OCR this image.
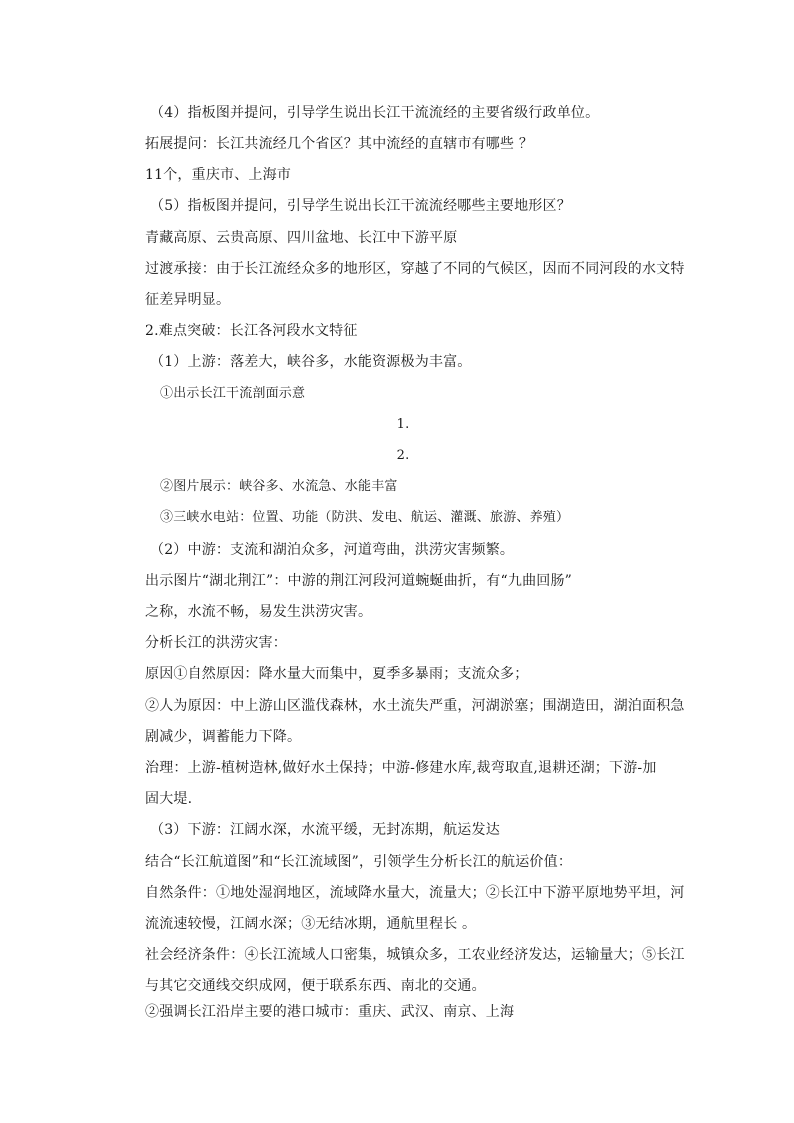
（4）指板图并提问，引导学生说出长江干流流经的主要省级行政单位。
拓展提问：长江共流经几个省区？其中流经的直辖市有哪些 ？
11个，重庆市、上海市
（5）指板图并提问，引导学生说出长江干流流经哪些主要地形区？
青藏高原、云贵高原、四川盆地、长江中下游平原
过渡承接：由于长江流经众多的地形区，穿越了不同的气候区，因而不同河段的水文特
征差异明显。
2.难点突破：长江各河段水文特征
（1）上游：落差大，峡谷多，水能资源极为丰富。
①出示长江干流剖面示意
1.
2.
②图片展示：峡谷多、水流急、水能丰富
③三峡水电站：位置、功能（防洪、发电、航运、灌溉、旅游、养殖）
（2）中游：支流和湖泊众多，河道弯曲，洪涝灾害频繁。
出示图片“湖北荆江”：中游的荆江河段河道蜿蜒曲折，有“九曲回肠”
之称，水流不畅，易发生洪涝灾害。
分析长江的洪涝灾害：
原因①自然原因：降水量大而集中，夏季多暴雨；支流众多；
②人为原因：中上游山区滥伐森林，水土流失严重，河湖淤塞；围湖造田，湖泊面积急
剧减少，调蓄能力下降。
治理：上游-植树造林,做好水土保持；中游-修建水库,裁弯取直,退耕还湖；下游-加
固大堤.
（3）下游：江阔水深，水流平缓，无封冻期，航运发达
结合“长江航道图”和“长江流域图”，引领学生分析长江的航运价值：
自然条件：①地处湿润地区，流域降水量大，流量大；②长江中下游平原地势平坦，河
流流速较慢，江阔水深；③无结冰期，通航里程长 。
社会经济条件：④长江流域人口密集，城镇众多，工农业经济发达，运输量大；⑤长江
与其它交通线交织成网，便于联系东西、南北的交通。
②强调长江沿岸主要的港口城市：重庆、武汉、南京、上海
